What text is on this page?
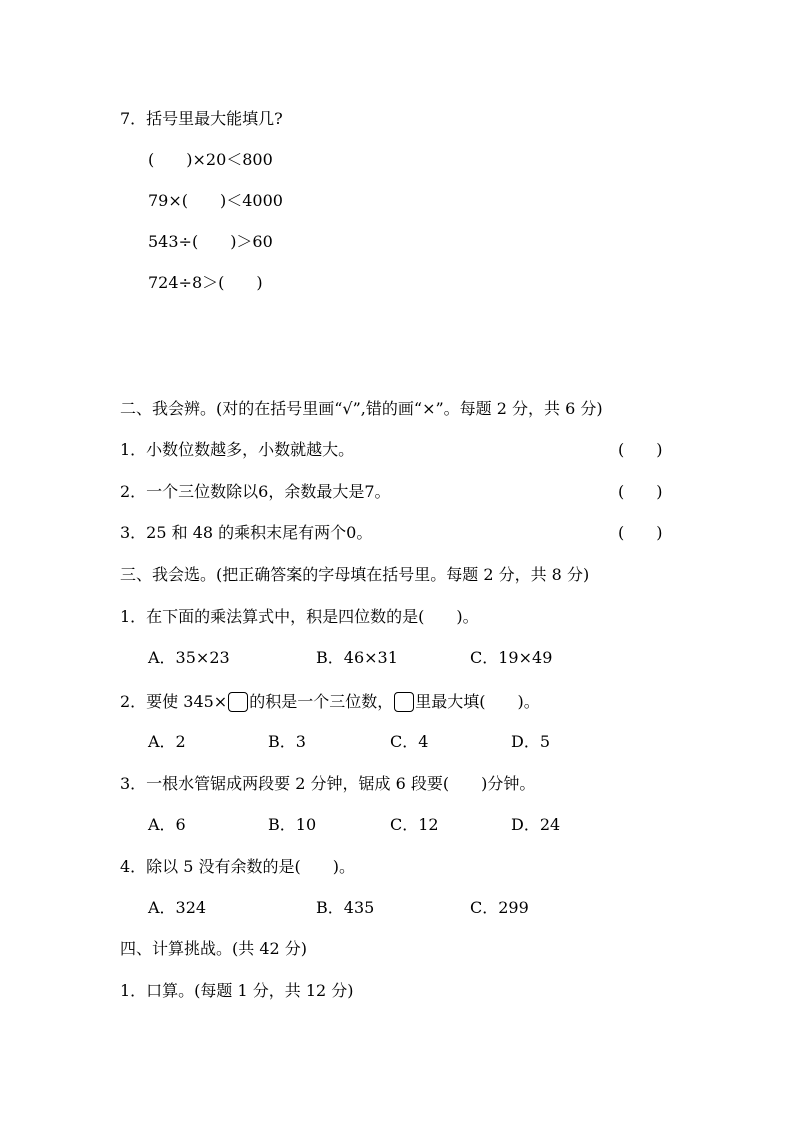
7．括号里最大能填几?
(　　)×20＜800
79×(　　)＜4000
543÷(　　)＞60
724÷8＞(　　)
二、我会辨。(对的在括号里画“√”,错的画“×”。每题 2 分，共 6 分)
1．小数位数越多，小数就越大。	(　　)
2．一个三位数除以6，余数最大是7。	(　　)
3．25 和 48 的乘积末尾有两个0。	(　　)
三、我会选。(把正确答案的字母填在括号里。每题 2 分，共 8 分)
1．在下面的乘法算式中，积是四位数的是(　　)。
A．35×23	B．46×31	C．19×49
2．要使 345× 的积是一个三位数， 里最大填(　　)。
A．2	B．3	C．4	D．5
3．一根水管锯成两段要 2 分钟，锯成 6 段要(　　)分钟。
A．6	B．10	C．12	D．24
4．除以 5 没有余数的是(　　)。
A．324	B．435	C．299
四、计算挑战。(共 42 分)
1．口算。(每题 1 分，共 12 分)
